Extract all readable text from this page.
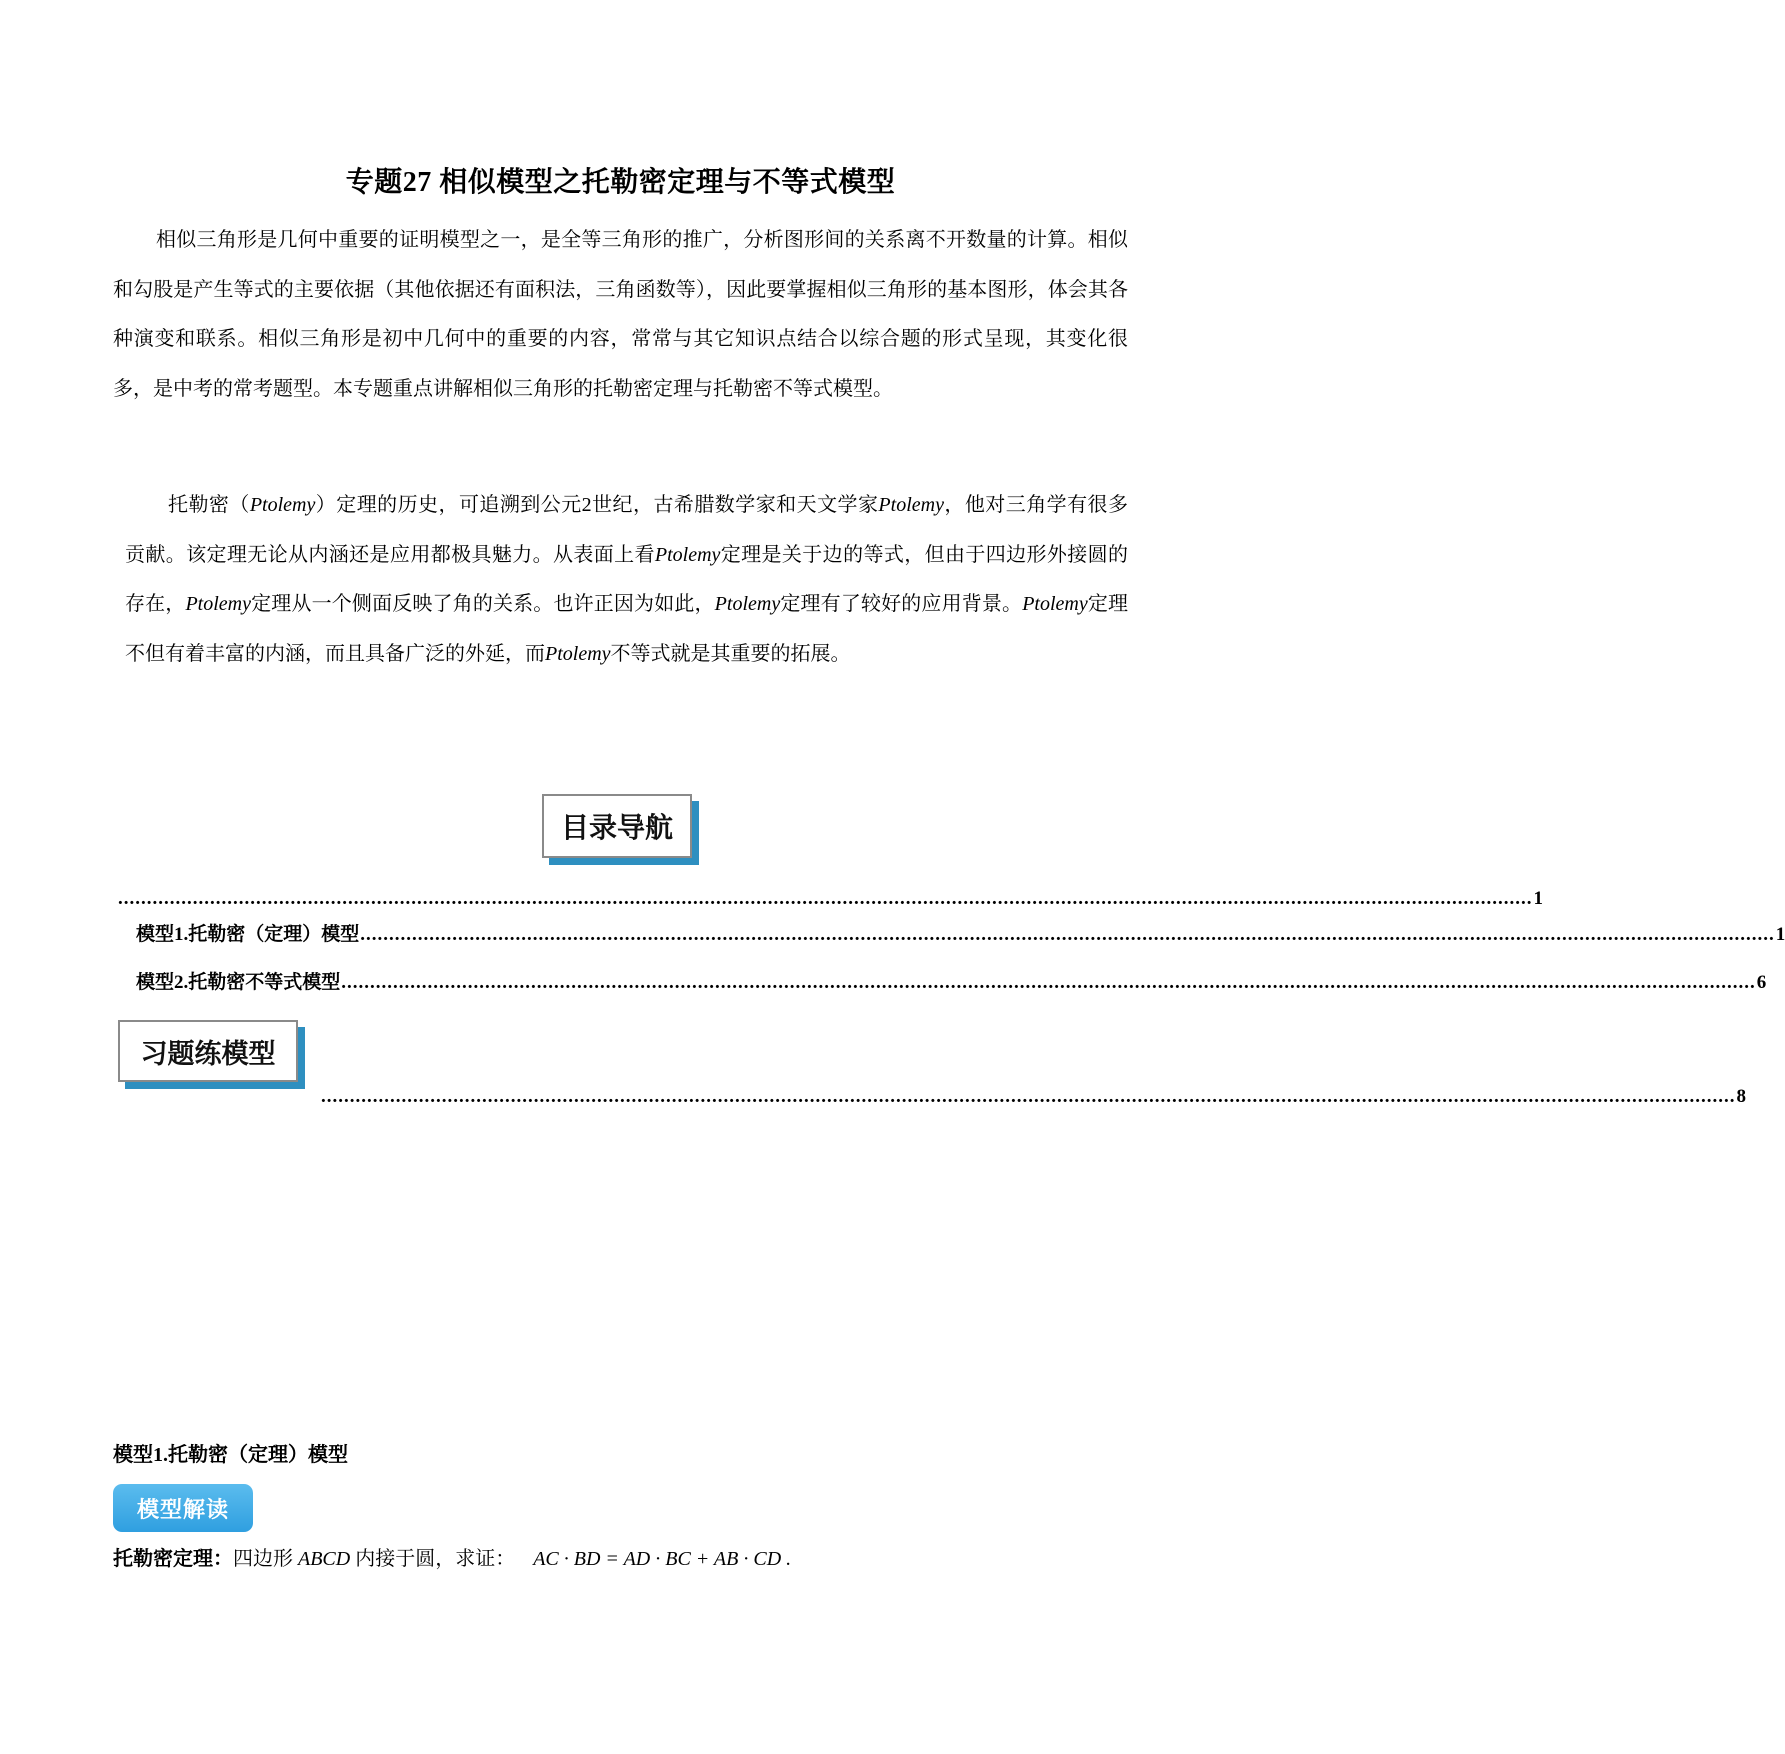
专题27 相似模型之托勒密定理与不等式模型
相似三角形是几何中重要的证明模型之一，是全等三角形的推广，分析图形间的关系离不开数量的计算。相似和勾股是产生等式的主要依据（其他依据还有面积法，三角函数等），因此要掌握相似三角形的基本图形，体会其各种演变和联系。相似三角形是初中几何中的重要的内容，常常与其它知识点结合以综合题的形式呈现，其变化很多，是中考的常考题型。本专题重点讲解相似三角形的托勒密定理与托勒密不等式模型。
托勒密（Ptolemy）定理的历史，可追溯到公元2世纪，古希腊数学家和天文学家Ptolemy，他对三角学有很多贡献。该定理无论从内涵还是应用都极具魅力。从表面上看Ptolemy定理是关于边的等式，但由于四边形外接圆的存在，Ptolemy定理从一个侧面反映了角的关系。也许正因为如此，Ptolemy定理有了较好的应用背景。Ptolemy定理不但有着丰富的内涵，而且具备广泛的外延，而Ptolemy不等式就是其重要的拓展。
目录导航
...................................................................................................................................................................................................................................................... 1
模型1.托勒密（定理）模型 ...................................................................................................................................................................................................................................................... 1
模型2.托勒密不等式模型 ...................................................................................................................................................................................................................................................... 6
习题练模型
...................................................................................................................................................................................................................................................... 8
模型1.托勒密（定理）模型
模型解读
托勒密定理：四边形 ABCD 内接于圆，求证： AC · BD = AD · BC + AB · CD .
